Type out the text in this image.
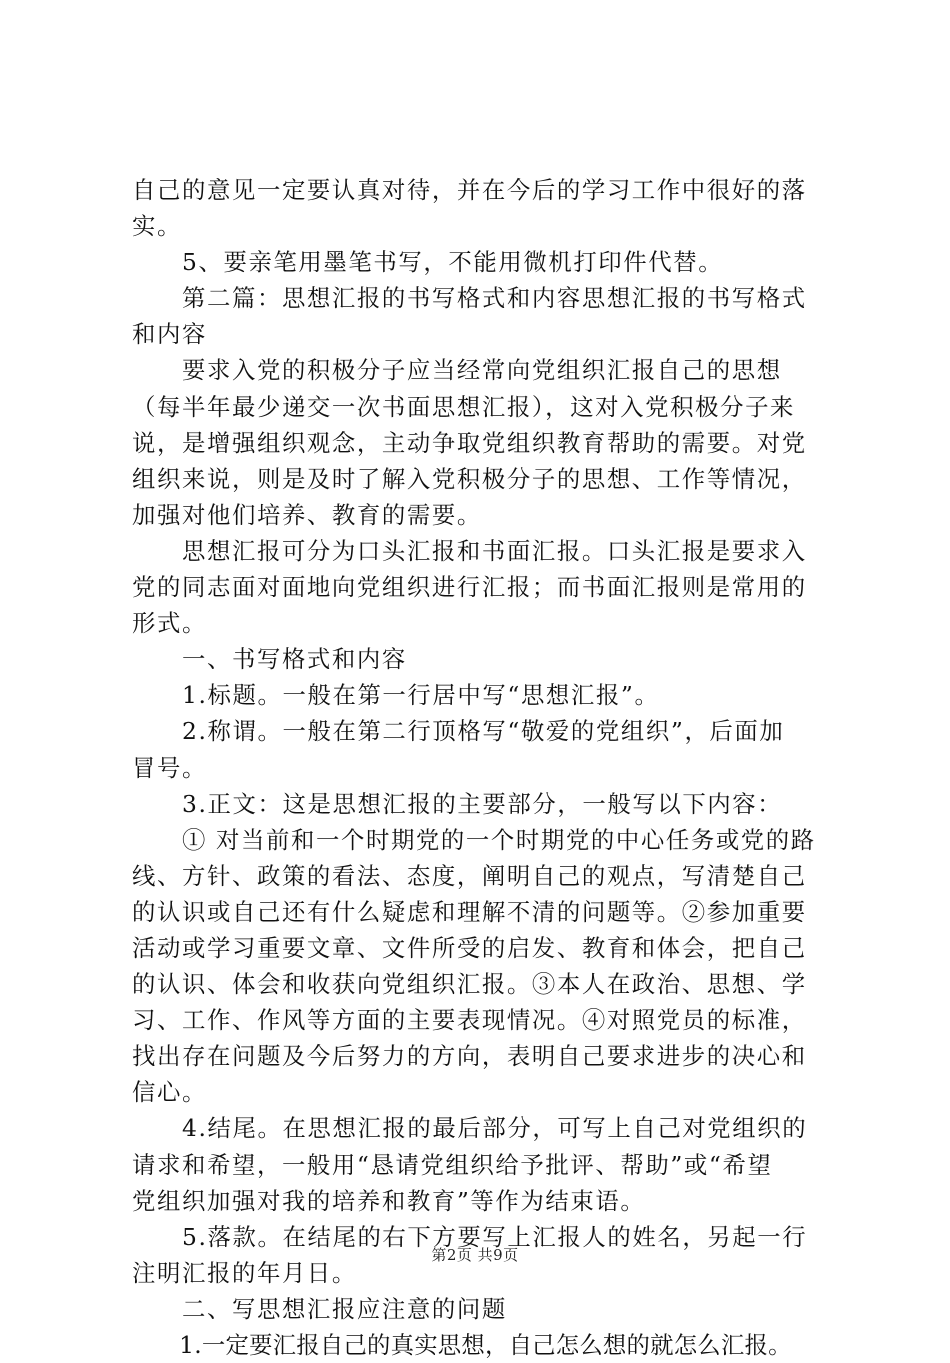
自己的意见一定要认真对待，并在今后的学习工作中很好的落
实。
　　5、要亲笔用墨笔书写，不能用微机打印件代替。
　　第二篇：思想汇报的书写格式和内容思想汇报的书写格式
和内容
　　要求入党的积极分子应当经常向党组织汇报自己的思想
（每半年最少递交一次书面思想汇报），这对入党积极分子来
说，是增强组织观念，主动争取党组织教育帮助的需要。对党
组织来说，则是及时了解入党积极分子的思想、工作等情况，
加强对他们培养、教育的需要。
　　思想汇报可分为口头汇报和书面汇报。口头汇报是要求入
党的同志面对面地向党组织进行汇报；而书面汇报则是常用的
形式。
　　一、书写格式和内容
　　1.标题。一般在第一行居中写“思想汇报”。
　　2.称谓。一般在第二行顶格写“敬爱的党组织”，后面加
冒号。
　　3.正文：这是思想汇报的主要部分，一般写以下内容：
　　① 对当前和一个时期党的一个时期党的中心任务或党的路
线、方针、政策的看法、态度，阐明自己的观点，写清楚自己
的认识或自己还有什么疑虑和理解不清的问题等。②参加重要
活动或学习重要文章、文件所受的启发、教育和体会，把自己
的认识、体会和收获向党组织汇报。③本人在政治、思想、学
习、工作、作风等方面的主要表现情况。④对照党员的标准，
找出存在问题及今后努力的方向，表明自己要求进步的决心和
信心。
　　4.结尾。在思想汇报的最后部分，可写上自己对党组织的
请求和希望，一般用“恳请党组织给予批评、帮助”或“希望
党组织加强对我的培养和教育”等作为结束语。
　　5.落款。在结尾的右下方要写上汇报人的姓名，另起一行
注明汇报的年月日。
　　二、写思想汇报应注意的问题
　　1.一定要汇报自己的真实思想，自己怎么想的就怎么汇报。
第2页 共9页
